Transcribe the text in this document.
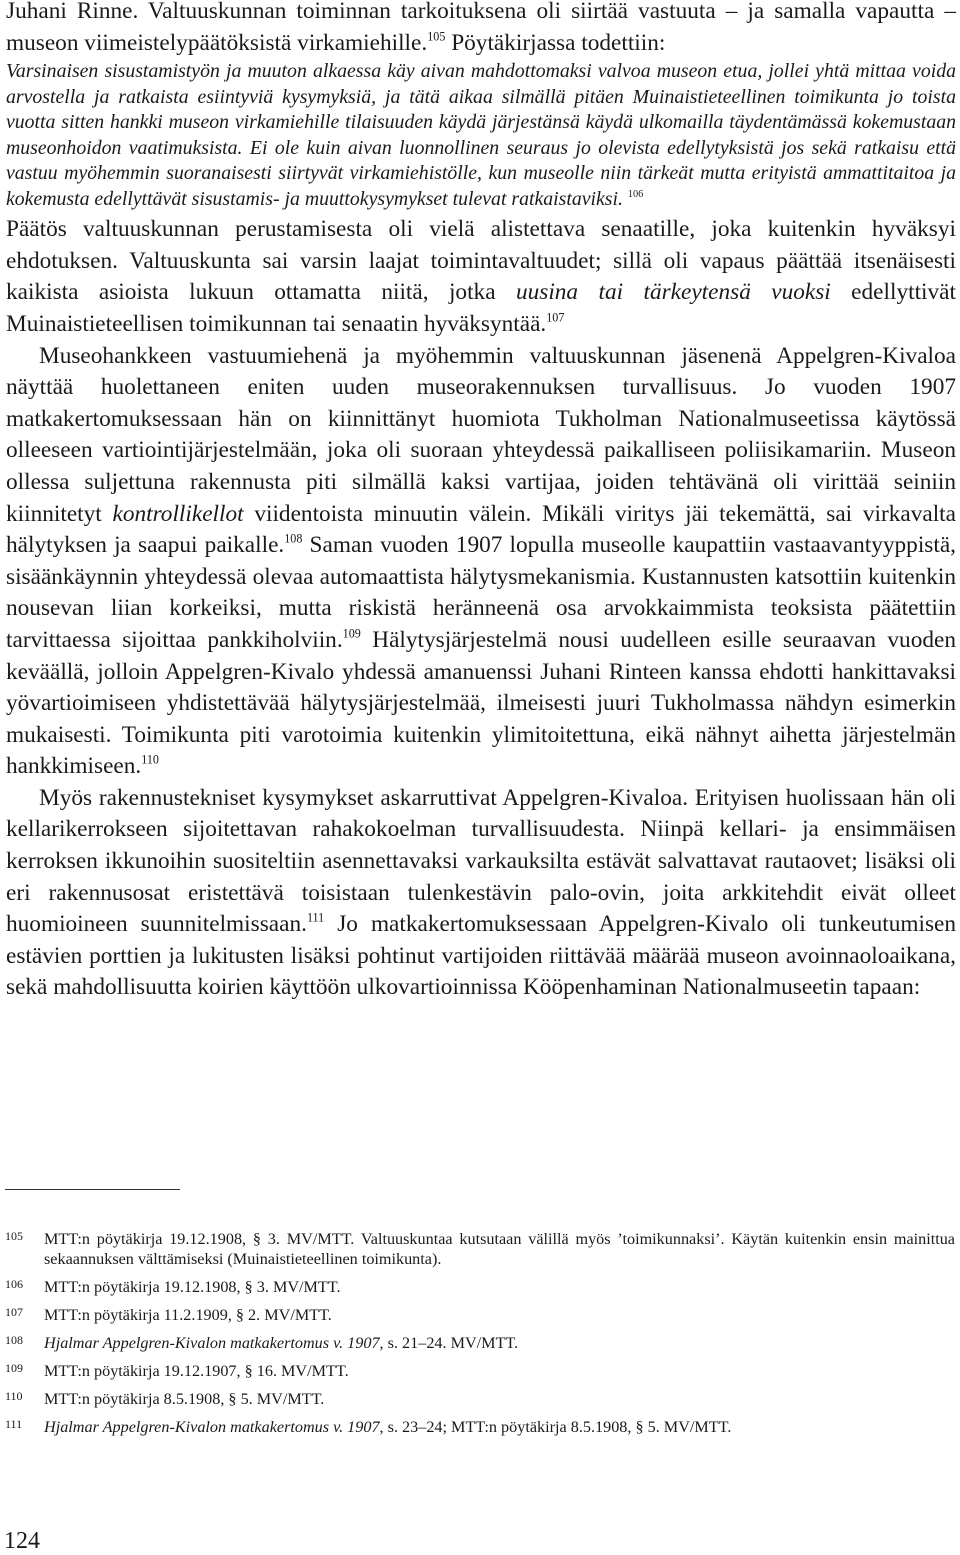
Juhani Rinne. Valtuuskunnan toiminnan tarkoituksena oli siirtää vastuuta – ja samalla vapautta – museon viimeistelypäätöksistä virkamiehille.$^{105}$ Pöytäkirjassa todettiin:

Varsinaisen sisustamistyön ja muuton alkaessa käy aivan mahdottomaksi valvoa museon etua, jollei yhtä mittaa voida arvostella ja ratkaista esiintyviä kysymyksiä, ja tätä aikaa silmällä pitäen Muinaistieteellinen toimikunta jo toista vuotta sitten hankki museon virkamiehille tilaisuuden käydä järjestänsä käydä ulkomailla täydentämässä kokemustaan museonhoidon vaatimuksista. Ei ole kuin aivan luonnollinen seuraus jo olevista edellytyksistä jos sekä ratkaisu että vastuu myöhemmin suoranaisesti siirtyvät virkamiehistölle, kun museolle niin tärkeät mutta erityistä ammattitaitoa ja kokemusta edellyttävät sisustamis- ja muuttokysymykset tulevat ratkaistaviksi. $^{106}$

Päätös valtuuskunnan perustamisesta oli vielä alistettava senaatille, joka kuitenkin hyväksyi ehdotuksen. Valtuuskunta sai varsin laajat toimintavaltuudet; sillä oli vapaus päättää itsenäisesti kaikista asioista lukuun ottamatta niitä, jotka uusina tai tärkeytensä vuoksi edellyttivät Muinaistieteellisen toimikunnan tai senaatin hyväksyntää.$^{107}$

Museohankkeen vastuumiehenä ja myöhemmin valtuuskunnan jäsenenä Appelgren-Kivaloa näyttää huolettaneen eniten uuden museorakennuksen turvallisuus. Jo vuoden 1907 matkakertomuksessaan hän on kiinnittänyt huomiota Tukholman Nationalmuseetissa käytössä olleeseen vartiointijärjestelmään, joka oli suoraan yhteydessä paikalliseen poliisikamariin. Museon ollessa suljettuna rakennusta piti silmällä kaksi vartijaa, joiden tehtävänä oli virittää seiniin kiinnitetyt kontrollikellot viidentoista minuutin välein. Mikäli viritys jäi tekemättä, sai virkavalta hälytyksen ja saapui paikalle.$^{108}$ Saman vuoden 1907 lopulla museolle kaupattiin vastaavantyyppistä, sisäänkäynnin yhteydessä olevaa automaattista hälytysmekanismia. Kustannusten katsottiin kuitenkin nousevan liian korkeiksi, mutta riskistä heränneenä osa arvokkaimmista teoksista päätettiin tarvittaessa sijoittaa pankkiholviin.$^{109}$ Hälytysjärjestelmä nousi uudelleen esille seuraavan vuoden keväällä, jolloin Appelgren-Kivalo yhdessä amanuenssi Juhani Rinteen kanssa ehdotti hankittavaksi yövartioimiseen yhdistettävää hälytysjärjestelmää, ilmeisesti juuri Tukholmassa nähdyn esimerkin mukaisesti. Toimikunta piti varotoimia kuitenkin ylimitoitettuna, eikä nähnyt aihetta järjestelmän hankkimiseen.$^{110}$

Myös rakennustekniset kysymykset askarruttivat Appelgren-Kivaloa. Erityisen huolissaan hän oli kellarikerrokseen sijoitettavan rahakokoelman turvallisuudesta. Niinpä kellari- ja ensimmäisen kerroksen ikkunoihin suositeltiin asennettavaksi varkauksilta estävät salvattavat rautaovet; lisäksi oli eri rakennusosat eristettävä toisistaan tulenkestävin palo-ovin, joita arkkitehdit eivät olleet huomioineen suunnitelmissaan.$^{111}$ Jo matkakertomuksessaan Appelgren-Kivalo oli tunkeutumisen estävien porttien ja lukitusten lisäksi pohtinut vartijoiden riittävää määrää museon avoinnaoloaikana, sekä mahdollisuutta koirien käyttöön ulkovartioinnissa Kööpenhaminan Nationalmuseetin tapaan:

105	MTT:n pöytäkirja 19.12.1908, § 3. MV/MTT. Valtuuskuntaa kutsutaan välillä myös ’toimikunnaksi’. Käytän kuitenkin ensin mainittua sekaannuksen välttämiseksi (Muinaistieteellinen toimikunta).
106	MTT:n pöytäkirja 19.12.1908, § 3. MV/MTT.
107	MTT:n pöytäkirja 11.2.1909, § 2. MV/MTT.
108	Hjalmar Appelgren-Kivalon matkakertomus v. 1907, s. 21–24. MV/MTT.
109	MTT:n pöytäkirja 19.12.1907, § 16. MV/MTT.
110	MTT:n pöytäkirja 8.5.1908, § 5. MV/MTT.
111	Hjalmar Appelgren-Kivalon matkakertomus v. 1907, s. 23–24; MTT:n pöytäkirja 8.5.1908, § 5. MV/MTT.
124
